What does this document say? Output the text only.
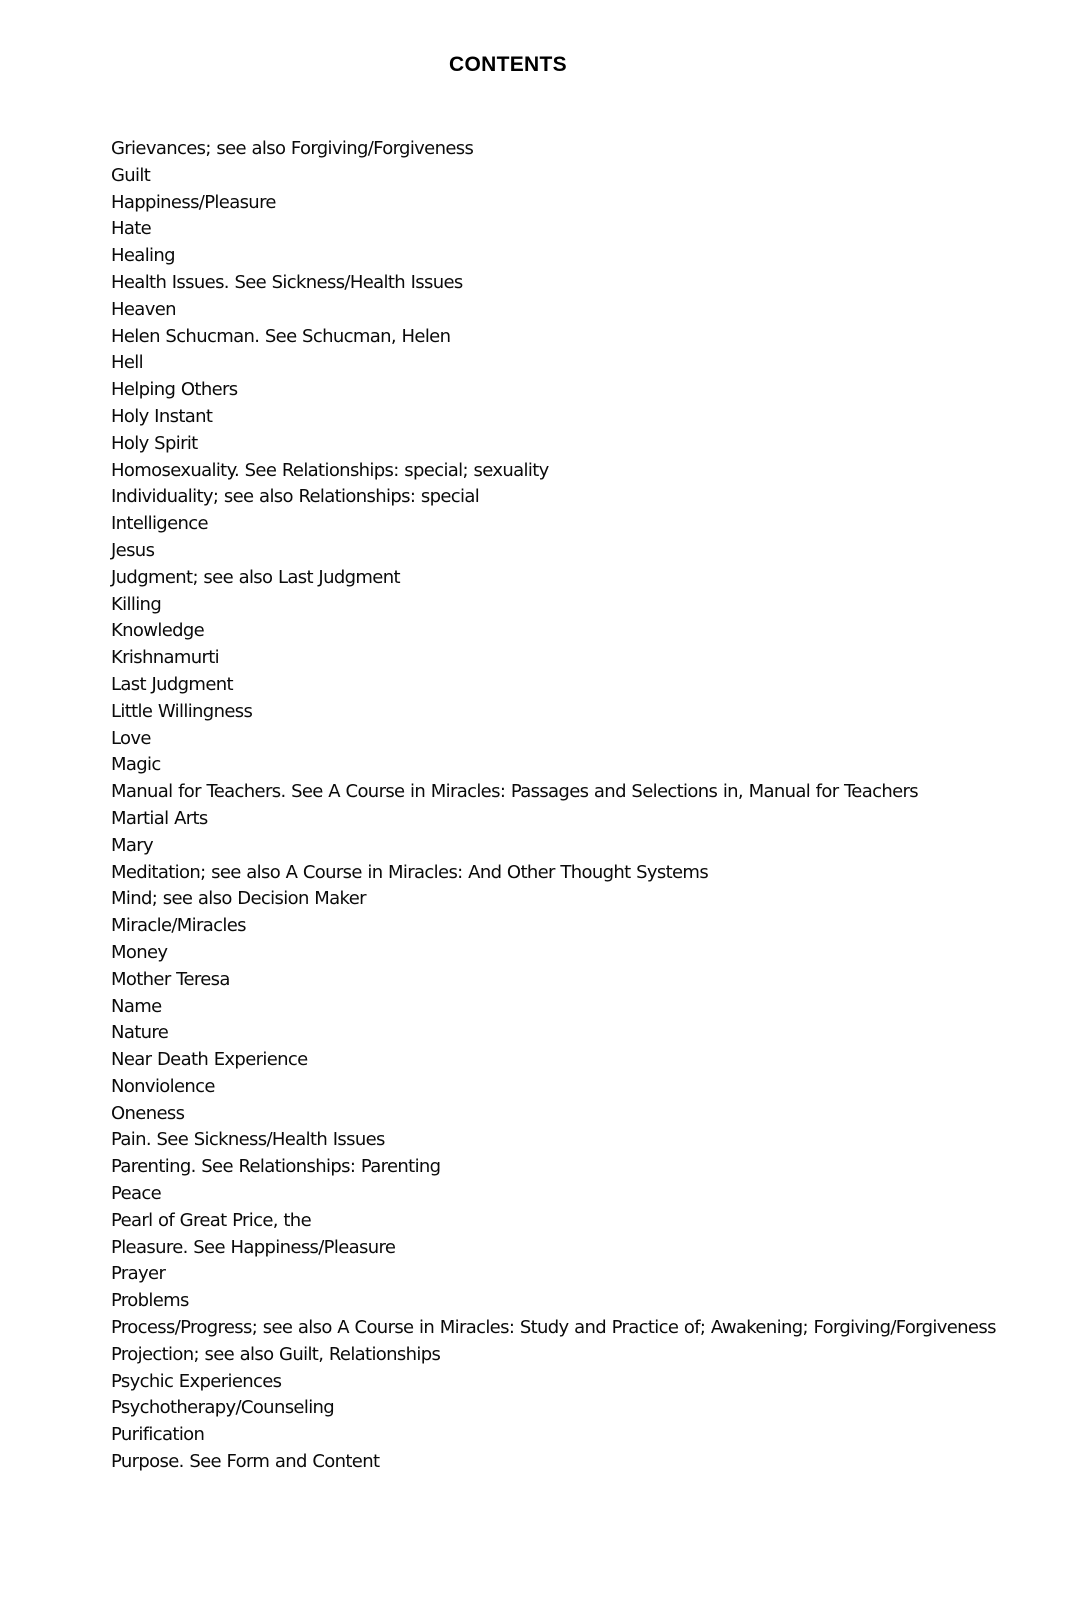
CONTENTS
Grievances; see also Forgiving/Forgiveness
Guilt
Happiness/Pleasure
Hate
Healing
Health Issues. See Sickness/Health Issues
Heaven
Helen Schucman. See Schucman, Helen
Hell
Helping Others
Holy Instant
Holy Spirit
Homosexuality. See Relationships: special; sexuality
Individuality; see also Relationships: special
Intelligence
Jesus
Judgment; see also Last Judgment
Killing
Knowledge
Krishnamurti
Last Judgment
Little Willingness
Love
Magic
Manual for Teachers. See A Course in Miracles: Passages and Selections in, Manual for Teachers
Martial Arts
Mary
Meditation; see also A Course in Miracles: And Other Thought Systems
Mind; see also Decision Maker
Miracle/Miracles
Money
Mother Teresa
Name
Nature
Near Death Experience
Nonviolence
Oneness
Pain. See Sickness/Health Issues
Parenting. See Relationships: Parenting
Peace
Pearl of Great Price, the
Pleasure. See Happiness/Pleasure
Prayer
Problems
Process/Progress; see also A Course in Miracles: Study and Practice of; Awakening; Forgiving/Forgiveness
Projection; see also Guilt, Relationships
Psychic Experiences
Psychotherapy/Counseling
Purification
Purpose. See Form and Content
